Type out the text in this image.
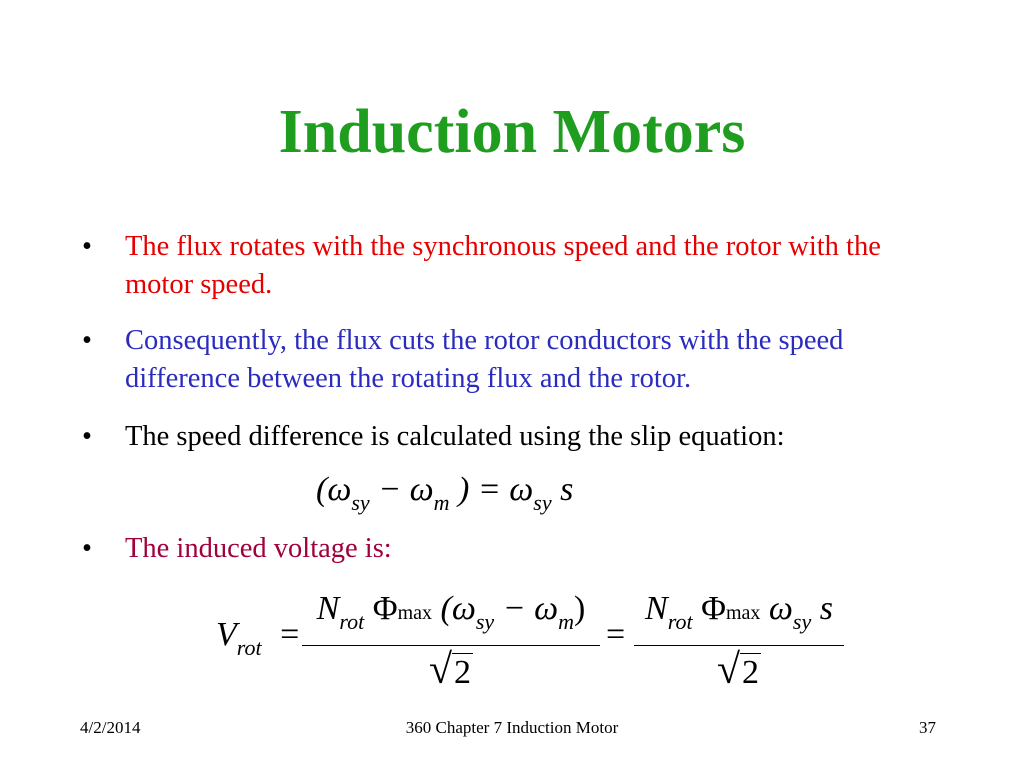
Induction Motors
• The flux rotates with the synchronous speed and the rotor with the motor speed.
• Consequently, the flux cuts the rotor conductors with the speed difference between the rotating flux and the rotor.
• The speed difference is calculated using the slip equation:
($\omega_{sy} - \omega_m$ ) = $\omega_{sy}$ s
• The induced voltage is:
$V_{rot}$ =
$N_{rot}$ Φmax $(\omega_{sy} - \omega_m)$
√2
=
$N_{rot}$ Φmax $\omega_{sy}$ s
√2
4/2/2014	360 Chapter 7 Induction Motor	37
